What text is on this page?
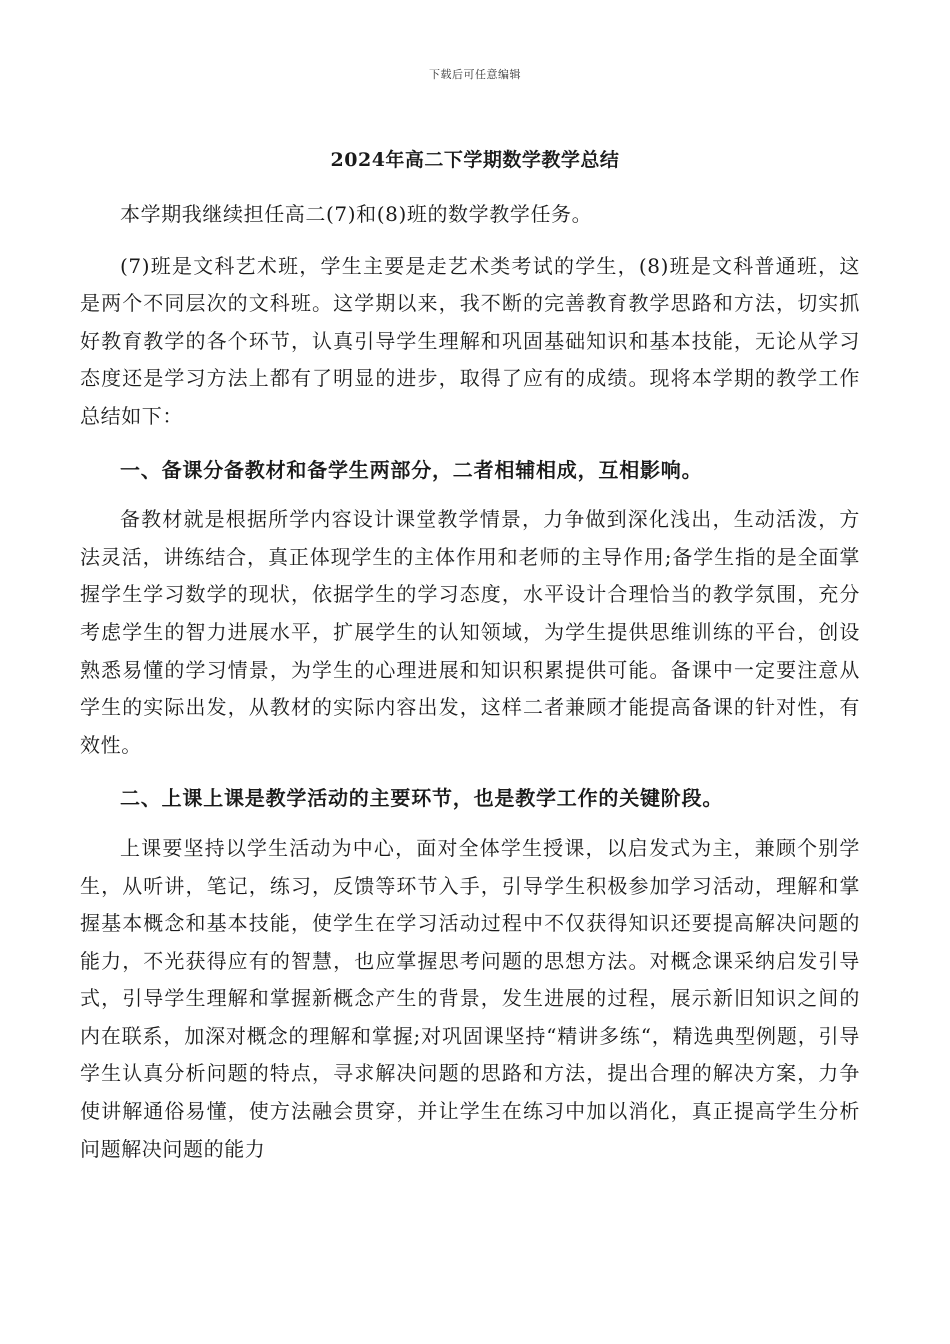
下载后可任意编辑
2024年高二下学期数学教学总结

本学期我继续担任高二(7)和(8)班的数学教学任务。

(7)班是文科艺术班，学生主要是走艺术类考试的学生，(8)班是文科普通班，这是两个不同层次的文科班。这学期以来，我不断的完善教育教学思路和方法，切实抓好教育教学的各个环节，认真引导学生理解和巩固基础知识和基本技能，无论从学习态度还是学习方法上都有了明显的进步，取得了应有的成绩。现将本学期的教学工作总结如下：

一、备课分备教材和备学生两部分，二者相辅相成，互相影响。

备教材就是根据所学内容设计课堂教学情景，力争做到深化浅出，生动活泼，方法灵活，讲练结合，真正体现学生的主体作用和老师的主导作用;备学生指的是全面掌握学生学习数学的现状，依据学生的学习态度，水平设计合理恰当的教学氛围，充分考虑学生的智力进展水平，扩展学生的认知领域，为学生提供思维训练的平台，创设熟悉易懂的学习情景，为学生的心理进展和知识积累提供可能。备课中一定要注意从学生的实际出发，从教材的实际内容出发，这样二者兼顾才能提高备课的针对性，有效性。

二、上课上课是教学活动的主要环节，也是教学工作的关键阶段。

上课要坚持以学生活动为中心，面对全体学生授课，以启发式为主，兼顾个别学生，从听讲，笔记，练习，反馈等环节入手，引导学生积极参加学习活动，理解和掌握基本概念和基本技能，使学生在学习活动过程中不仅获得知识还要提高解决问题的能力，不光获得应有的智慧，也应掌握思考问题的思想方法。对概念课采纳启发引导式，引导学生理解和掌握新概念产生的背景，发生进展的过程，展示新旧知识之间的内在联系，加深对概念的理解和掌握;对巩固课坚持“精讲多练“，精选典型例题，引导学生认真分析问题的特点，寻求解决问题的思路和方法，提出合理的解决方案，力争使讲解通俗易懂，使方法融会贯穿，并让学生在练习中加以消化，真正提高学生分析问题解决问题的能力
